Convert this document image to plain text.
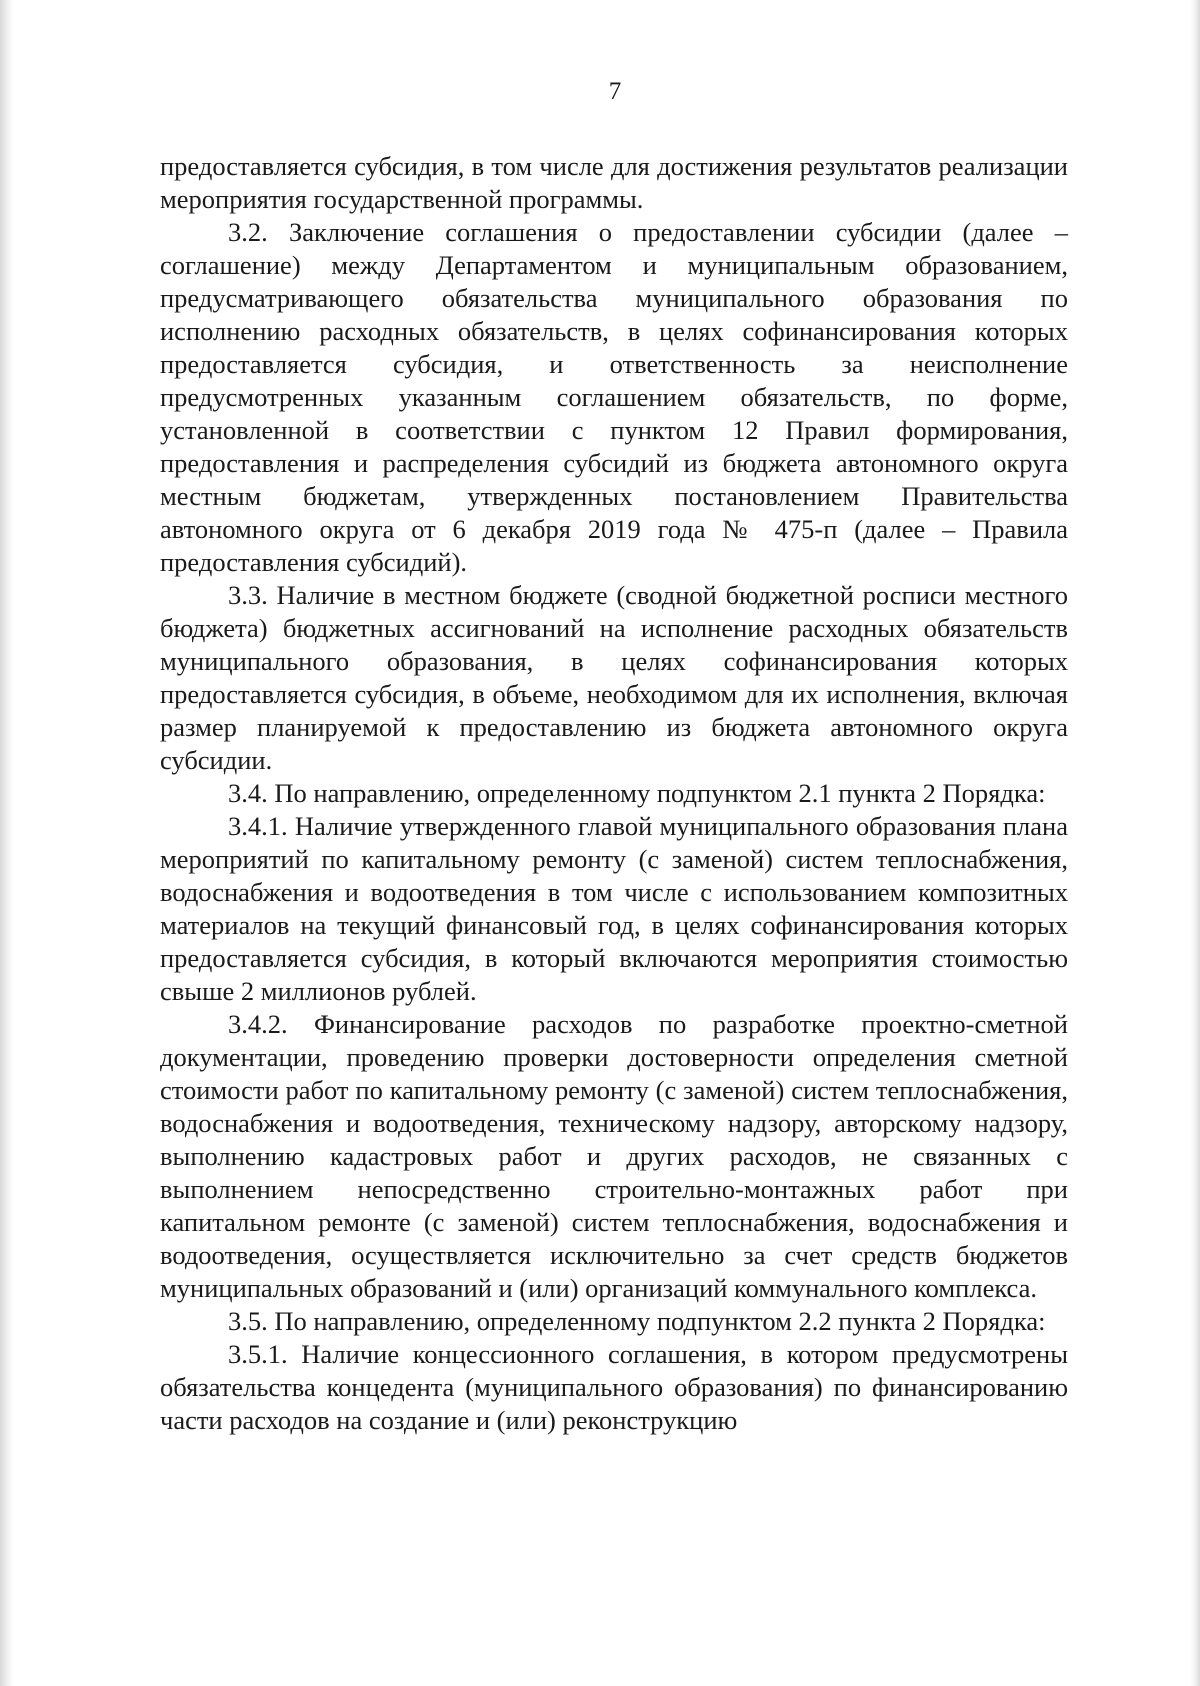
7

предоставляется субсидия, в том числе для достижения результатов реализации мероприятия государственной программы.

3.2. Заключение соглашения о предоставлении субсидии (далее – соглашение) между Департаментом и муниципальным образованием, предусматривающего обязательства муниципального образования по исполнению расходных обязательств, в целях софинансирования которых предоставляется субсидия, и ответственность за неисполнение предусмотренных указанным соглашением обязательств, по форме, установленной в соответствии с пунктом 12 Правил формирования, предоставления и распределения субсидий из бюджета автономного округа местным бюджетам, утвержденных постановлением Правительства автономного округа от 6 декабря 2019 года № 475-п (далее – Правила предоставления субсидий).

3.3. Наличие в местном бюджете (сводной бюджетной росписи местного бюджета) бюджетных ассигнований на исполнение расходных обязательств муниципального образования, в целях софинансирования которых предоставляется субсидия, в объеме, необходимом для их исполнения, включая размер планируемой к предоставлению из бюджета автономного округа субсидии.

3.4. По направлению, определенному подпунктом 2.1 пункта 2 Порядка:

3.4.1. Наличие утвержденного главой муниципального образования плана мероприятий по капитальному ремонту (с заменой) систем теплоснабжения, водоснабжения и водоотведения в том числе с использованием композитных материалов на текущий финансовый год, в целях софинансирования которых предоставляется субсидия, в который включаются мероприятия стоимостью свыше 2 миллионов рублей.

3.4.2. Финансирование расходов по разработке проектно-сметной документации, проведению проверки достоверности определения сметной стоимости работ по капитальному ремонту (с заменой) систем теплоснабжения, водоснабжения и водоотведения, техническому надзору, авторскому надзору, выполнению кадастровых работ и других расходов, не связанных с выполнением непосредственно строительно-монтажных работ при капитальном ремонте (с заменой) систем теплоснабжения, водоснабжения и водоотведения, осуществляется исключительно за счет средств бюджетов муниципальных образований и (или) организаций коммунального комплекса.

3.5. По направлению, определенному подпунктом 2.2 пункта 2 Порядка:

3.5.1. Наличие концессионного соглашения, в котором предусмотрены обязательства концедента (муниципального образования) по финансированию части расходов на создание и (или) реконструкцию
